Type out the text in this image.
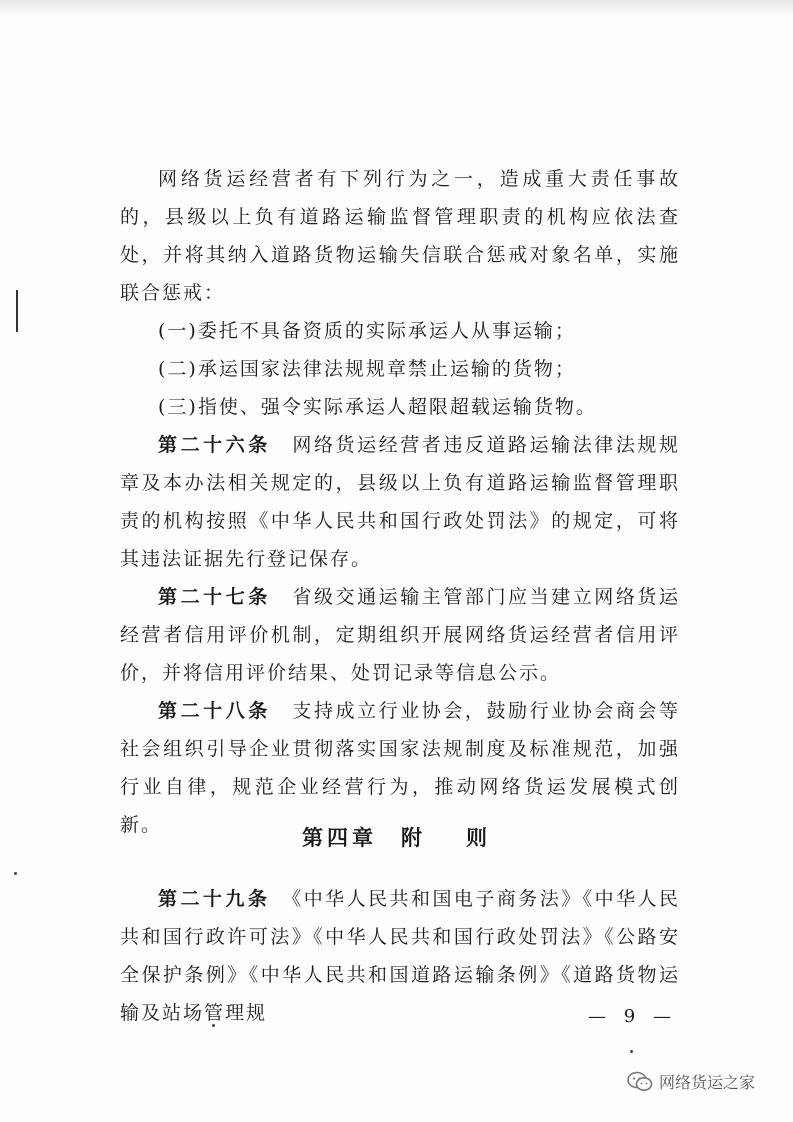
网络货运经营者有下列行为之一，造成重大责任事故的，县级以上负有道路运输监督管理职责的机构应依法查处，并将其纳入道路货物运输失信联合惩戒对象名单，实施联合惩戒：

(一)委托不具备资质的实际承运人从事运输；

(二)承运国家法律法规规章禁止运输的货物；

(三)指使、强令实际承运人超限超载运输货物。

第二十六条　 网络货运经营者违反道路运输法律法规规章及本办法相关规定的，县级以上负有道路运输监督管理职责的机构按照《中华人民共和国行政处罚法》的规定，可将其违法证据先行登记保存。

第二十七条　 省级交通运输主管部门应当建立网络货运经营者信用评价机制，定期组织开展网络货运经营者信用评价，并将信用评价结果、处罚记录等信息公示。

第二十八条　 支持成立行业协会，鼓励行业协会商会等社会组织引导企业贯彻落实国家法规制度及标准规范，加强行业自律，规范企业经营行为，推动网络货运发展模式创新。

第四章 附 则

第二十九条　 《中华人民共和国电子商务法》《中华人民共和国行政许可法》《中华人民共和国行政处罚法》《公路安全保护条例》《中华人民共和国道路运输条例》《道路货物运输及站场管理规	— 9 —
网络货运之家
